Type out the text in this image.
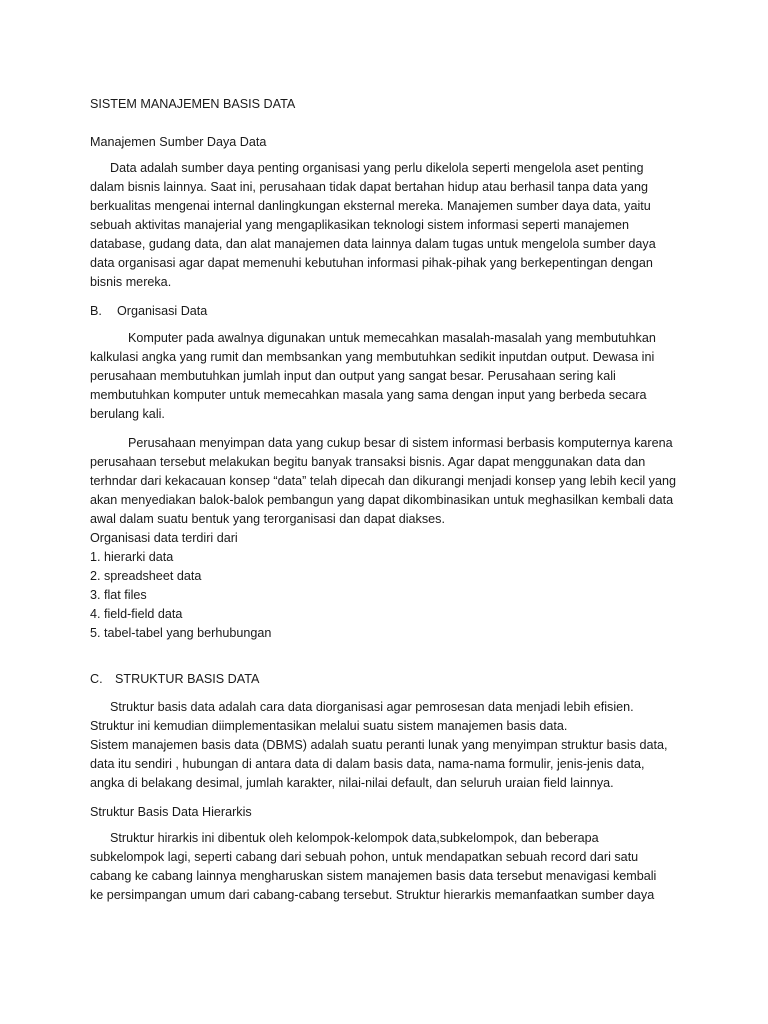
SISTEM MANAJEMEN BASIS DATA

Manajemen Sumber Daya Data

Data adalah sumber daya penting organisasi yang perlu dikelola seperti mengelola aset penting dalam bisnis lainnya. Saat ini, perusahaan tidak dapat bertahan hidup atau berhasil tanpa data yang berkualitas mengenai internal danlingkungan eksternal mereka. Manajemen sumber daya data, yaitu sebuah aktivitas manajerial yang mengaplikasikan teknologi sistem informasi seperti manajemen database, gudang data, dan alat manajemen data lainnya dalam tugas untuk mengelola sumber daya data organisasi agar dapat memenuhi kebutuhan informasi pihak-pihak yang berkepentingan dengan bisnis mereka.

B. Organisasi Data

Komputer pada awalnya digunakan untuk memecahkan masalah-masalah yang membutuhkan kalkulasi angka yang rumit dan membsankan yang membutuhkan sedikit inputdan output. Dewasa ini perusahaan membutuhkan jumlah input dan output yang sangat besar. Perusahaan sering kali membutuhkan komputer untuk memecahkan masala yang sama dengan input yang berbeda secara berulang kali.

Perusahaan menyimpan data yang cukup besar di sistem informasi berbasis komputernya karena perusahaan tersebut melakukan begitu banyak transaksi bisnis. Agar dapat menggunakan data dan terhndar dari kekacauan konsep “data” telah dipecah dan dikurangi menjadi konsep yang lebih kecil yang akan menyediakan balok-balok pembangun yang dapat dikombinasikan untuk meghasilkan kembali data awal dalam suatu bentuk yang terorganisasi dan dapat diakses.

Organisasi data terdiri dari
1. hierarki data
2. spreadsheet data
3. flat files
4. field-field data
5. tabel-tabel yang berhubungan

C. STRUKTUR BASIS DATA

Struktur basis data adalah cara data diorganisasi agar pemrosesan data menjadi lebih efisien.
Struktur ini kemudian diimplementasikan melalui suatu sistem manajemen basis data.
Sistem manajemen basis data (DBMS) adalah suatu peranti lunak yang menyimpan struktur basis data, data itu sendiri , hubungan di antara data di dalam basis data, nama-nama formulir, jenis-jenis data, angka di belakang desimal, jumlah karakter, nilai-nilai default, dan seluruh uraian field lainnya.

Struktur Basis Data Hierarkis

Struktur hirarkis ini dibentuk oleh kelompok-kelompok data,subkelompok, dan beberapa subkelompok lagi, seperti cabang dari sebuah pohon, untuk mendapatkan sebuah record dari satu cabang ke cabang lainnya mengharuskan sistem manajemen basis data tersebut menavigasi kembali ke persimpangan umum dari cabang-cabang tersebut. Struktur hierarkis memanfaatkan sumber daya
